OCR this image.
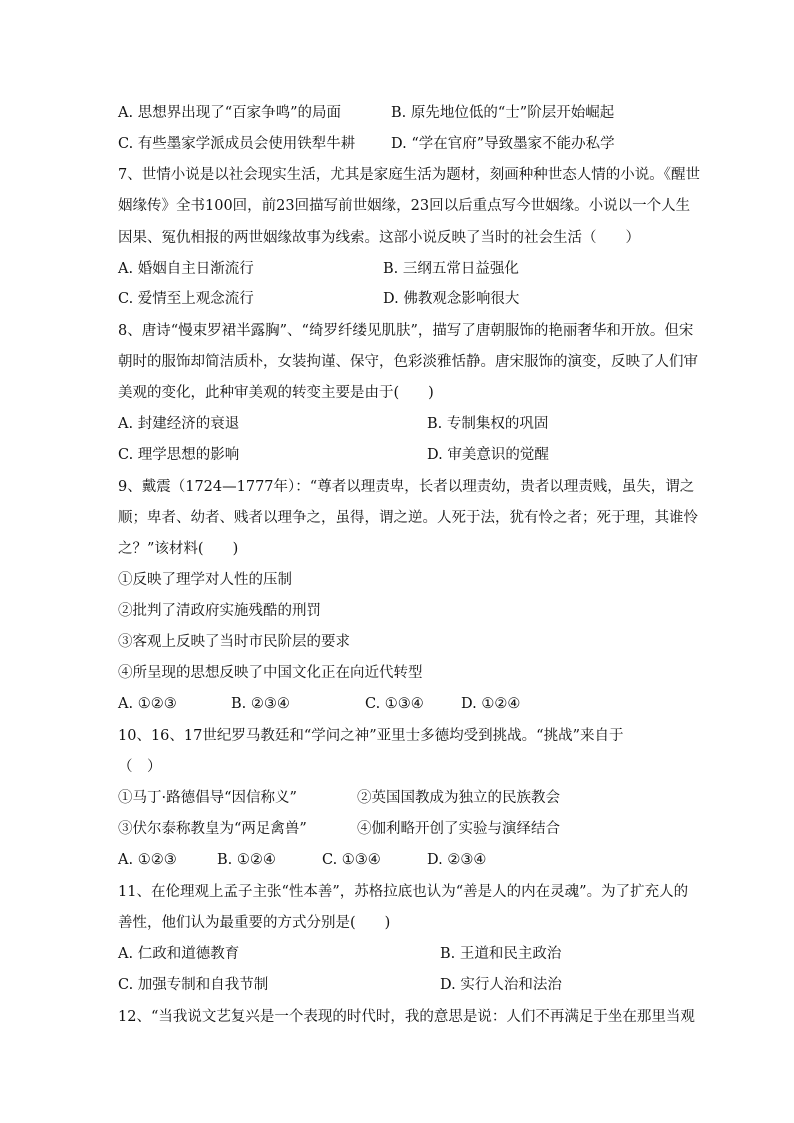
A. 思想界出现了“百家争鸣”的局面	B. 原先地位低的“士”阶层开始崛起
C. 有些墨家学派成员会使用铁犁牛耕 D. “学在官府”导致墨家不能办私学
7、世情小说是以社会现实生活，尤其是家庭生活为题材，刻画种种世态人情的小说。《醒世
姻缘传》全书100回，前23回描写前世姻缘，23回以后重点写今世姻缘。小说以一个人生
因果、冤仇相报的两世姻缘故事为线索。这部小说反映了当时的社会生活（　　）
A. 婚姻自主日渐流行	B. 三纲五常日益强化
C. 爱情至上观念流行	D. 佛教观念影响很大
8、唐诗“慢束罗裙半露胸”、“绮罗纤缕见肌肤”，描写了唐朝服饰的艳丽奢华和开放。但宋
朝时的服饰却简洁质朴，女装拘谨、保守，色彩淡雅恬静。唐宋服饰的演变，反映了人们审
美观的变化，此种审美观的转变主要是由于(　　)
A. 封建经济的衰退	B. 专制集权的巩固
C. 理学思想的影响	D. 审美意识的觉醒
9、戴震（1724—1777年）：“尊者以理责卑，长者以理责幼，贵者以理责贱，虽失，谓之
顺；卑者、幼者、贱者以理争之，虽得，谓之逆。人死于法，犹有怜之者；死于理，其谁怜
之？”该材料(　　)
①反映了理学对人性的压制
②批判了清政府实施残酷的刑罚
③客观上反映了当时市民阶层的要求
④所呈现的思想反映了中国文化正在向近代转型
A. ①②③	B. ②③④	C. ①③④	D. ①②④
10、16、17世纪罗马教廷和“学问之神”亚里士多德均受到挑战。“挑战”来自于
（　）
①马丁·路德倡导“因信称义”	②英国国教成为独立的民族教会
③伏尔泰称教皇为“两足禽兽”	④伽利略开创了实验与演绎结合
A. ①②③	B. ①②④	C. ①③④	D. ②③④
11、在伦理观上孟子主张“性本善”，苏格拉底也认为“善是人的内在灵魂”。为了扩充人的
善性，他们认为最重要的方式分别是(　　)
A. 仁政和道德教育	B. 王道和民主政治
C. 加强专制和自我节制	D. 实行人治和法治
12、“当我说文艺复兴是一个表现的时代时，我的意思是说：人们不再满足于坐在那里当观
